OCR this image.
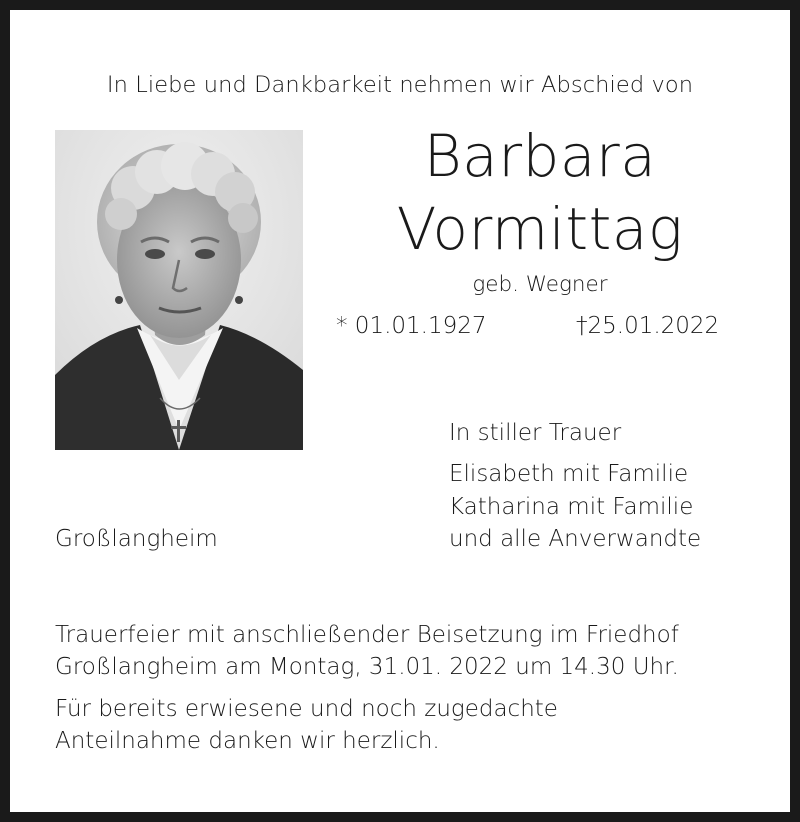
In Liebe und Dankbarkeit nehmen wir Abschied von
Barbara
Vormittag
geb. Wegner
* 01.01.1927	†25.01.2022
In stiller Trauer
Elisabeth mit Familie
Katharina mit Familie
und alle Anverwandte
Großlangheim
Trauerfeier mit anschließender Beisetzung im Friedhof
Großlangheim am Montag, 31.01. 2022 um 14.30 Uhr.
Für bereits erwiesene und noch zugedachte
Anteilnahme danken wir herzlich.
